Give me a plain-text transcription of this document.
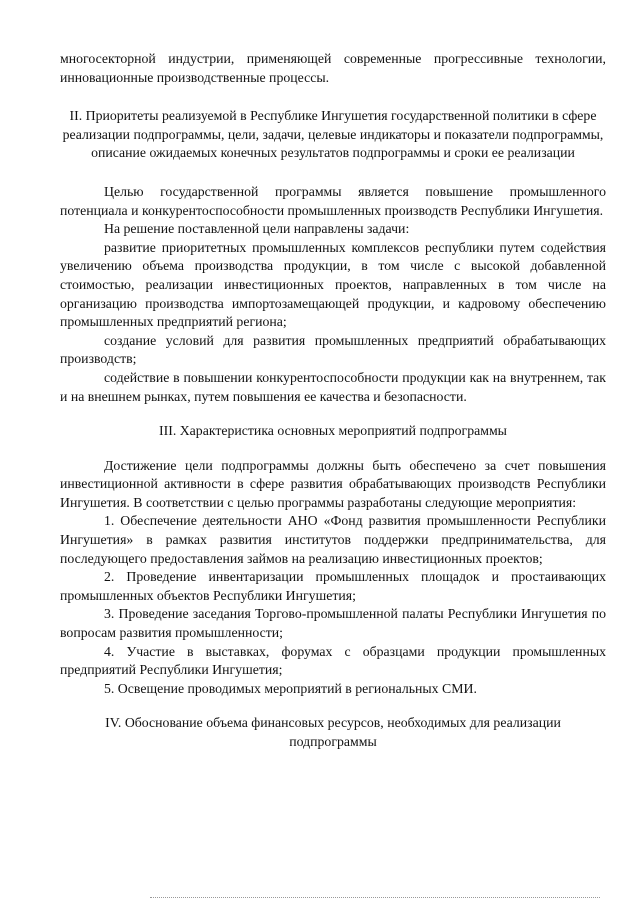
многосекторной индустрии, применяющей современные прогрессивные технологии, инновационные производственные процессы.

II. Приоритеты реализуемой в Республике Ингушетия государственной политики в сфере реализации подпрограммы, цели, задачи, целевые индикаторы и показатели подпрограммы, описание ожидаемых конечных результатов подпрограммы и сроки ее реализации

Целью государственной программы является повышение промышленного потенциала и конкурентоспособности промышленных производств Республики Ингушетия.

На решение поставленной цели направлены задачи:

развитие приоритетных промышленных комплексов республики путем содействия увеличению объема производства продукции, в том числе с высокой добавленной стоимостью, реализации инвестиционных проектов, направленных в том числе на организацию производства импортозамещающей продукции, и кадровому обеспечению промышленных предприятий региона;

создание условий для развития промышленных предприятий обрабатывающих производств;

содействие в повышении конкурентоспособности продукции как на внутреннем, так и на внешнем рынках, путем повышения ее качества и безопасности.

III. Характеристика основных мероприятий подпрограммы

Достижение цели подпрограммы должны быть обеспечено за счет повышения инвестиционной активности в сфере развития обрабатывающих производств Республики Ингушетия. В соответствии с целью программы разработаны следующие мероприятия:

1. Обеспечение деятельности АНО «Фонд развития промышленности Республики Ингушетия» в рамках развития институтов поддержки предпринимательства, для последующего предоставления займов на реализацию инвестиционных проектов;

2. Проведение инвентаризации промышленных площадок и простаивающих промышленных объектов Республики Ингушетия;

3. Проведение заседания Торгово-промышленной палаты Республики Ингушетия по вопросам развития промышленности;

4. Участие в выставках, форумах с образцами продукции промышленных предприятий Республики Ингушетия;

5. Освещение проводимых мероприятий в региональных СМИ.

IV. Обоснование объема финансовых ресурсов, необходимых для реализации

подпрограммы
